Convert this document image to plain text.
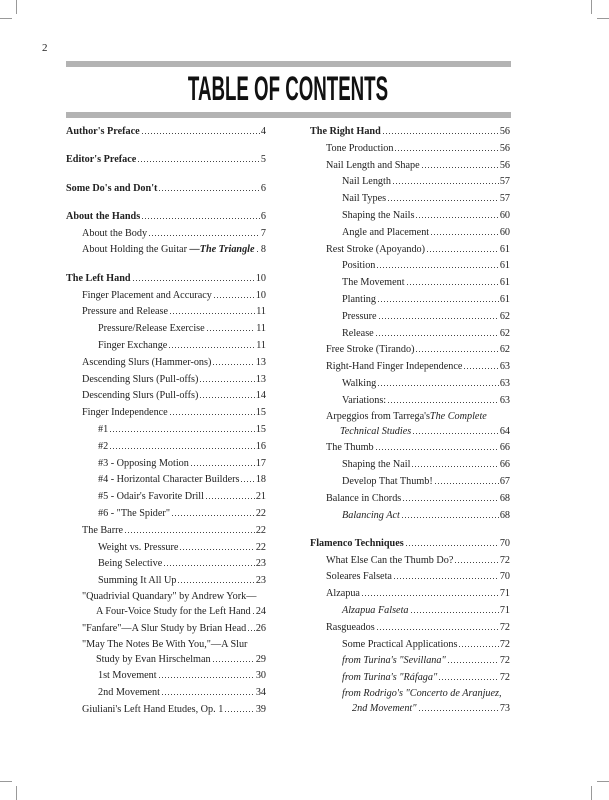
2
TABLE OF CONTENTS
Author's Preface	4
Editor's Preface	5
Some Do's and Don't	6
About the Hands	6
About the Body	7
About Holding the Guitar —The Triangle 8
The Left Hand	10
Finger Placement and Accuracy	10
Pressure and Release	11
Pressure/Release Exercise	11
Finger Exchange	11
Ascending Slurs (Hammer-ons)	13
Descending Slurs (Pull-offs)	13
Descending Slurs (Pull-offs)	14
Finger Independence	15
#1	15
#2	16
#3 - Opposing Motion	17
#4 - Horizontal Character Builders 18
#5 - Odair's Favorite Drill	21
#6 - "The Spider"	22
The Barre	22
Weight vs. Pressure	22
Being Selective	23
Summing It All Up	23
"Quadrivial Quandary" by Andrew York—
A Four-Voice Study for the Left Hand 24
"Fanfare"—A Slur Study by Brian Head 26
"May The Notes Be With You,"—A Slur
Study by Evan Hirschelman	29
1st Movement	30
2nd Movement	34
Giuliani's Left Hand Etudes, Op. 1	39
The Right Hand	56
Tone Production	56
Nail Length and Shape	56
Nail Length	57
Nail Types	57
Shaping the Nails	60
Angle and Placement	60
Rest Stroke (Apoyando)	61
Position	61
The Movement	61
Planting	61
Pressure	62
Release	62
Free Stroke (Tirando)	62
Right-Hand Finger Independence	63
Walking	63
Variations:	63
Arpeggios from Tarrega's The Complete
Technical Studies	64
The Thumb	66
Shaping the Nail	66
Develop That Thumb!	67
Balance in Chords	68
Balancing Act	68
Flamenco Techniques	70
What Else Can the Thumb Do?	72
Soleares Falseta	70
Alzapua	71
Alzapua Falseta	71
Rasgueados	72
Some Practical Applications	72
from Turina's "Sevillana"	72
from Turina's "Ráfaga"	72
from Rodrigo's "Concerto de Aranjuez,
2nd Movement"	73
